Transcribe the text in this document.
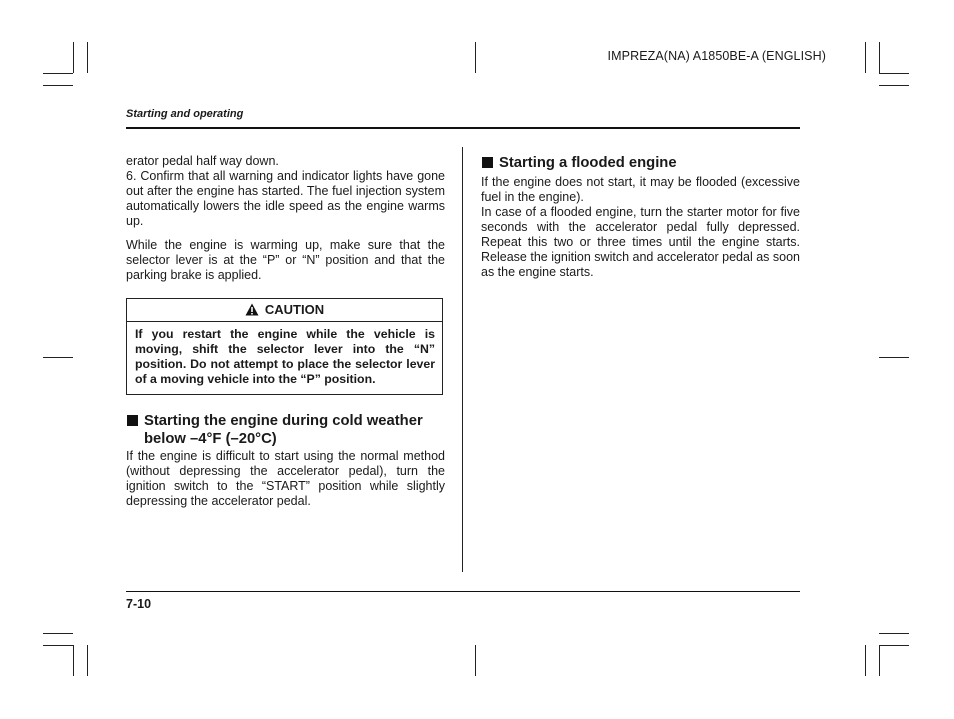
IMPREZA(NA) A1850BE-A (ENGLISH)
Starting and operating

erator pedal half way down.

6. Confirm that all warning and indicator lights have gone out after the engine has started. The fuel injection system automatically lowers the idle speed as the engine warms up.

While the engine is warming up, make sure that the selector lever is at the “P” or “N” position and that the parking brake is applied.

CAUTION
If you restart the engine while the vehicle is moving, shift the selector lever into the “N” position. Do not attempt to place the selector lever of a moving vehicle into the “P” position.
Starting the engine during cold weather below –4°F (–20°C)

If the engine is difficult to start using the normal method (without depressing the accelerator pedal), turn the ignition switch to the “START” position while slightly depressing the accelerator pedal.

Starting a flooded engine

If the engine does not start, it may be flooded (excessive fuel in the engine).

In case of a flooded engine, turn the starter motor for five seconds with the accelerator pedal fully depressed. Repeat this two or three times until the engine starts. Release the ignition switch and accelerator pedal as soon as the engine starts.

7-10
